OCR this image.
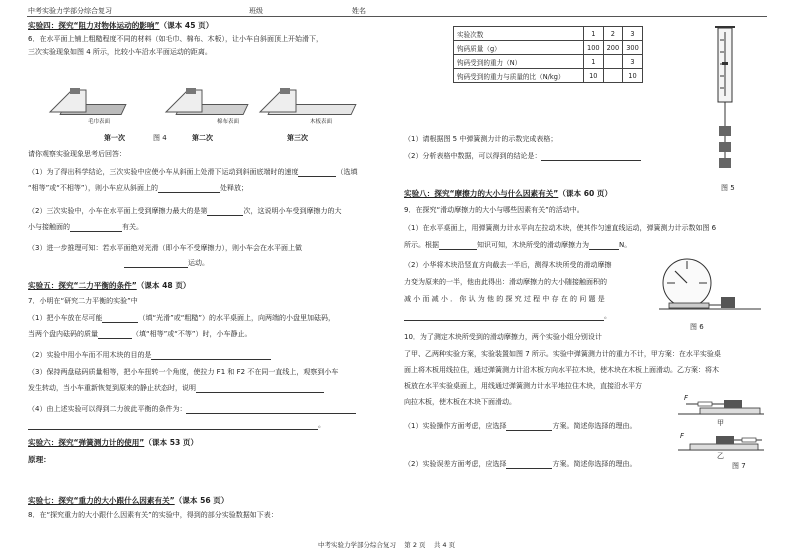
中考实验力学部分综合复习	班级	姓名
实验四：探究“阻力对物体运动的影响”（课本 45 页）
6．在水平面上铺上粗糙程度不同的材料（如毛巾、棉布、木板），让小车自斜面顶上开始滑下，
三次实验现象如图 4 所示，比较小车沿水平面运动的距离。
毛巾表面	棉布表面	木板表面
第一次	图 4	第二次	第三次
请你观察实验现象思考后回答：
（1）为了得出科学结论，三次实验中应使小车从斜面上处滑下运动到斜面底端时的速度	（选填
“相等”或“不相等”），则小车应从斜面上的	处释放；
（2）三次实验中，小车在水平面上受到摩擦力最大的是第	次，这说明小车受到摩擦力的大
小与接触面的	有关。
（3）进一步推理可知：若水平面绝对光滑（即小车不受摩擦力），则小车会在水平面上做
运动。
实验五：探究“二力平衡的条件”（课本 48 页）
7．小明在“研究二力平衡的实验”中
（1）把小车放在尽可能	（填“光滑”或“粗糙”）的水平桌面上，向两端的小盘里加砝码，
当两个盘内砝码的质量	（填“相等”或“不等”）时，小车静止。
（2）实验中用小车而不用木块的目的是
（3）保持两盘砝码质量相等，把小车扭转一个角度，使拉力 F1 和 F2 不在同一直线上，观察到小车
发生转动，当小车重新恢复到原来的静止状态时，说明
（4）由上述实验可以得到二力彼此平衡的条件为：
。
实验六：探究“弹簧测力计的使用”（课本 53 页）
原理：
实验七：探究“重力的大小跟什么因素有关”（课本 56 页）
8．在“探究重力的大小跟什么因素有关”的实验中，得到的部分实验数据如下表：
实验次数	1	2	3
钩码质量（g）	100	200	300
钩码受到的重力（N）	1		3
钩码受到的重力与质量的比（N/kg）	10		10
图 5
（1）请根据图 5 中弹簧测力计的示数完成表格；
（2）分析表格中数据，可以得到的结论是：
实验八：探究“摩擦力的大小与什么因素有关”（课本 60 页）
9．在探究“滑动摩擦力的大小与哪些因素有关”的活动中。
（1）在水平桌面上，用弹簧测力计水平向左拉动木块，使其作匀速直线运动，弹簧测力计示数如图 6
所示。根据	知识可知，木块所受的滑动摩擦力为	N。
（2）小华将木块沿竖直方向截去一半后，测得木块所受的滑动摩擦
力变为原来的一半，他由此得出：滑动摩擦力的大小随接触面积的
减 小 而 减 小 ． 你 认 为 他 的 探 究 过 程 中 存 在 的 问 题 是
。
图 6
10．为了测定木块所受到的滑动摩擦力，两个实验小组分别设计
了甲、乙两种实验方案，实验装置如图 7 所示。实验中弹簧测力计的重力不计，甲方案：在水平实验桌
面上将木板用线拉住，通过弹簧测力计沿木板方向水平拉木块，使木块在木板上面滑动。乙方案：将木
板放在水平实验桌面上，用线通过弹簧测力计水平地拉住木块，直接沿水平方
向拉木板，使木板在木块下面滑动。
（1）实验操作方面考虑，应选择	方案。简述你选择的理由。
（2）实验误差方面考虑，应选择	方案。简述你选择的理由。
F
甲
F
乙
图 7
中考实验力学部分综合复习 第 2 页 共 4 页
